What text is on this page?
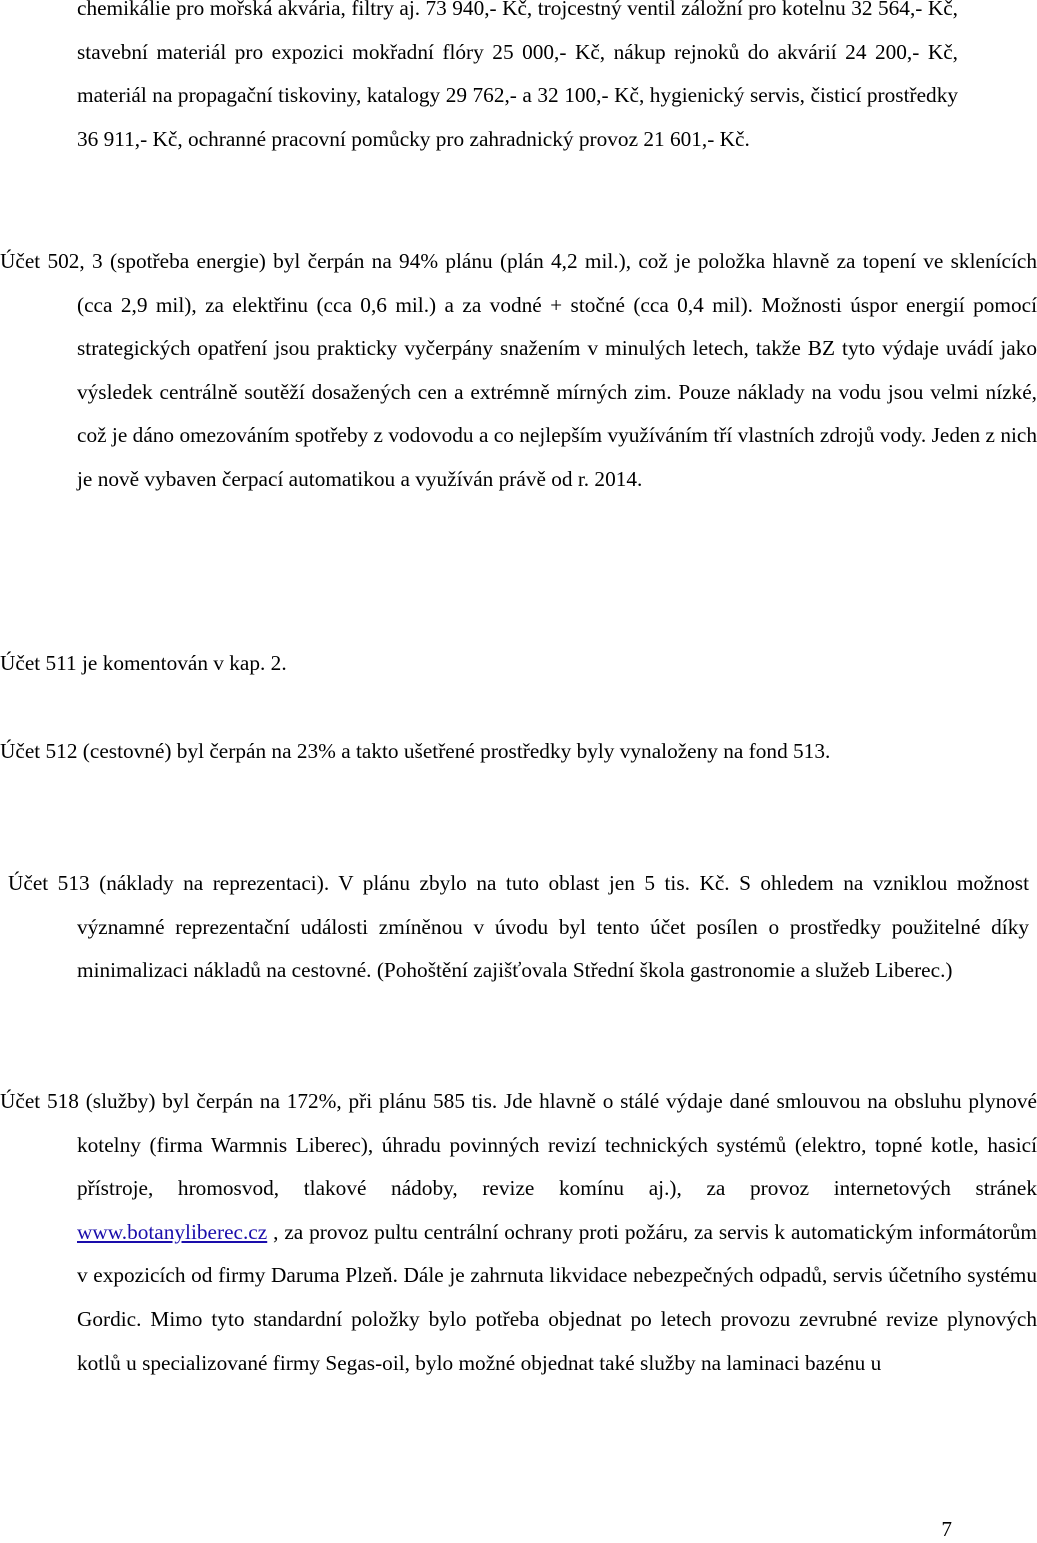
chemikálie pro mořská akvária, filtry aj. 73 940,- Kč, trojcestný ventil záložní pro kotelnu 32 564,- Kč, stavební materiál pro expozici mokřadní flóry 25 000,- Kč, nákup rejnoků do akvárií 24 200,- Kč, materiál na propagační tiskoviny, katalogy 29 762,- a 32 100,- Kč, hygienický servis, čisticí prostředky 36 911,- Kč, ochranné pracovní pomůcky pro zahradnický provoz 21 601,- Kč.

Účet 502, 3 (spotřeba energie) byl čerpán na 94% plánu (plán 4,2 mil.), což je položka hlavně za topení ve sklenících (cca 2,9 mil), za elektřinu (cca 0,6 mil.) a za vodné + stočné (cca 0,4 mil). Možnosti úspor energií pomocí strategických opatření jsou prakticky vyčerpány snažením v minulých letech, takže BZ tyto výdaje uvádí jako výsledek centrálně soutěží dosažených cen a extrémně mírných zim. Pouze náklady na vodu jsou velmi nízké, což je dáno omezováním spotřeby z vodovodu a co nejlepším využíváním tří vlastních zdrojů vody. Jeden z nich je nově vybaven čerpací automatikou a využíván právě od r. 2014.

Účet 511 je komentován v kap. 2.

Účet 512 (cestovné) byl čerpán na 23% a takto ušetřené prostředky byly vynaloženy na fond 513.

Účet 513 (náklady na reprezentaci). V plánu zbylo na tuto oblast jen 5 tis. Kč. S ohledem na vzniklou možnost významné reprezentační události zmíněnou v úvodu byl tento účet posílen o prostředky použitelné díky minimalizaci nákladů na cestovné. (Pohoštění zajišťovala Střední škola gastronomie a služeb Liberec.)

Účet 518 (služby) byl čerpán na 172%, při plánu 585 tis. Jde hlavně o stálé výdaje dané smlouvou na obsluhu plynové kotelny (firma Warmnis Liberec), úhradu povinných revizí technických systémů (elektro, topné kotle, hasicí přístroje, hromosvod, tlakové nádoby, revize komínu aj.), za provoz internetových stránek www.botanyliberec.cz , za provoz pultu centrální ochrany proti požáru, za servis k automatickým informátorům v expozicích od firmy Daruma Plzeň. Dále je zahrnuta likvidace nebezpečných odpadů, servis účetního systému Gordic. Mimo tyto standardní položky bylo potřeba objednat po letech provozu zevrubné revize plynových kotlů u specializované firmy Segas-oil, bylo možné objednat také služby na laminaci bazénu u

7
